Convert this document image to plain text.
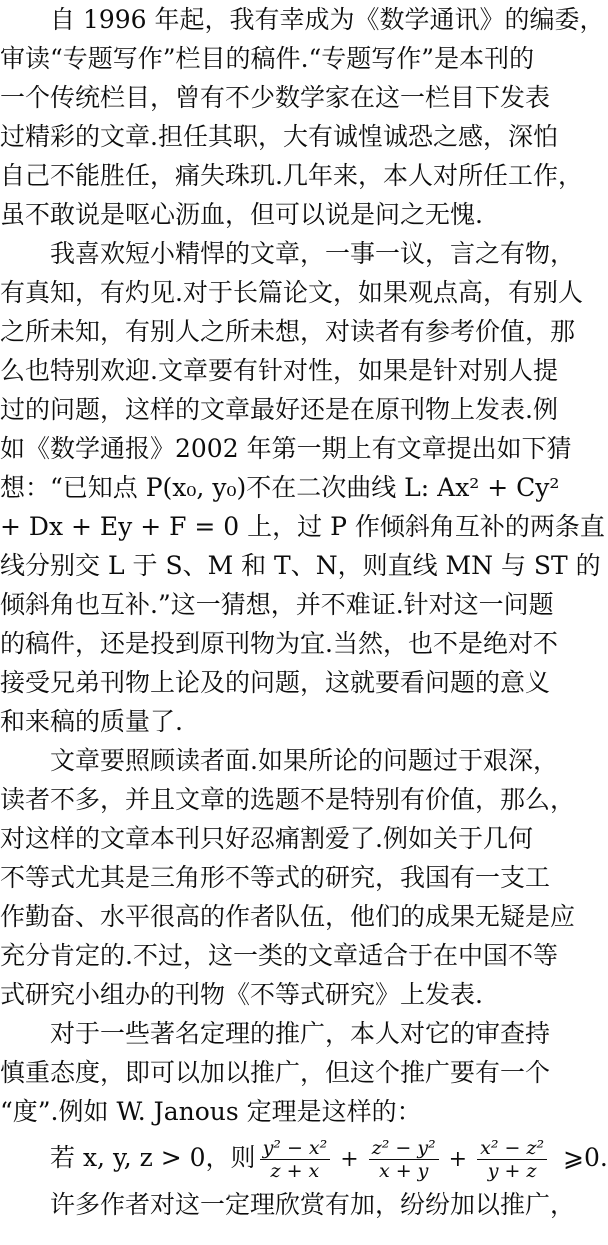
　　自 1996 年起，我有幸成为《数学通讯》的编委，
审读“专题写作”栏目的稿件.“专题写作”是本刊的
一个传统栏目，曾有不少数学家在这一栏目下发表
过精彩的文章.担任其职，大有诚惶诚恐之感，深怕
自己不能胜任，痛失珠玑.几年来，本人对所任工作，
虽不敢说是呕心沥血，但可以说是问之无愧.
　　我喜欢短小精悍的文章，一事一议，言之有物，
有真知，有灼见.对于长篇论文，如果观点高，有别人
之所未知，有别人之所未想，对读者有参考价值，那
么也特别欢迎.文章要有针对性，如果是针对别人提
过的问题，这样的文章最好还是在原刊物上发表.例
如《数学通报》2002 年第一期上有文章提出如下猜
想：“已知点 P(x₀, y₀)不在二次曲线 L: Ax² + Cy²
+ Dx + Ey + F = 0 上，过 P 作倾斜角互补的两条直
线分别交 L 于 S、M 和 T、N，则直线 MN 与 ST 的
倾斜角也互补.”这一猜想，并不难证.针对这一问题
的稿件，还是投到原刊物为宜.当然，也不是绝对不
接受兄弟刊物上论及的问题，这就要看问题的意义
和来稿的质量了.
　　文章要照顾读者面.如果所论的问题过于艰深，
读者不多，并且文章的选题不是特别有价值，那么，
对这样的文章本刊只好忍痛割爱了.例如关于几何
不等式尤其是三角形不等式的研究，我国有一支工
作勤奋、水平很高的作者队伍，他们的成果无疑是应
充分肯定的.不过，这一类的文章适合于在中国不等
式研究小组办的刊物《不等式研究》上发表.
　　对于一些著名定理的推广，本人对它的审查持
慎重态度，即可以加以推广，但这个推广要有一个
“度”.例如 W. Janous 定理是这样的：
　　若 x, y, z > 0，则 $\frac{\text{y² − x²}}{z + x} + \frac{\text{z² − y²}}{x + y} + \frac{\text{x² − z²}}{y + z}$ ⩾0.
　　许多作者对这一定理欣赏有加，纷纷加以推广，
